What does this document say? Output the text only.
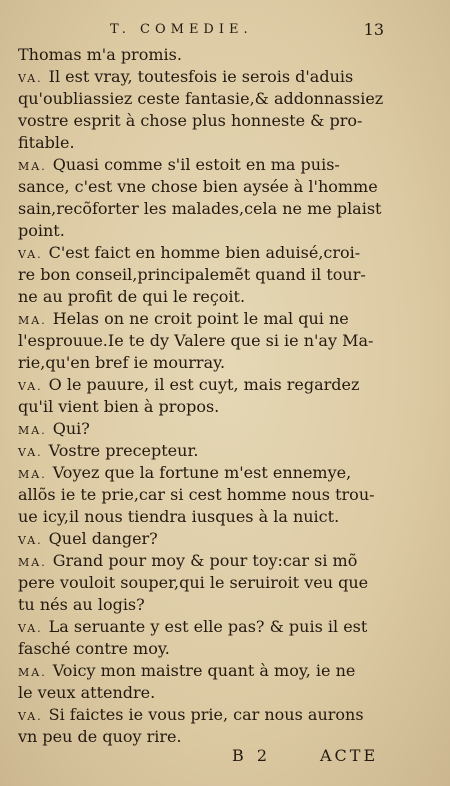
T. COMEDIE.	13
Thomas m'a promis.
VA. Il est vray, toutesfois ie serois d'aduis
qu'oubliassiez ceste fantasie,& addonnassiez
vostre esprit à chose plus honneste & pro-
fitable.
MA. Quasi comme s'il estoit en ma puis-
sance, c'est vne chose bien aysée à l'homme
sain,recõforter les malades,cela ne me plaist
point.
VA. C'est faict en homme bien aduisé,croi-
re bon conseil,principalemẽt quand il tour-
ne au profit de qui le reçoit.
MA. Helas on ne croit point le mal qui ne
l'esprouue.Ie te dy Valere que si ie n'ay Ma-
rie,qu'en bref ie mourray.
VA. O le pauure, il est cuyt, mais regardez
qu'il vient bien à propos.
MA. Qui?
VA. Vostre precepteur.
MA. Voyez que la fortune m'est ennemye,
allõs ie te prie,car si cest homme nous trou-
ue icy,il nous tiendra iusques à la nuict.
VA. Quel danger?
MA. Grand pour moy & pour toy:car si mõ
pere vouloit souper,qui le seruiroit veu que
tu nés au logis?
VA. La seruante y est elle pas? & puis il est
fasché contre moy.
MA. Voicy mon maistre quant à moy, ie ne
le veux attendre.
VA. Si faictes ie vous prie, car nous aurons
vn peu de quoy rire.
B 2	ACTE
